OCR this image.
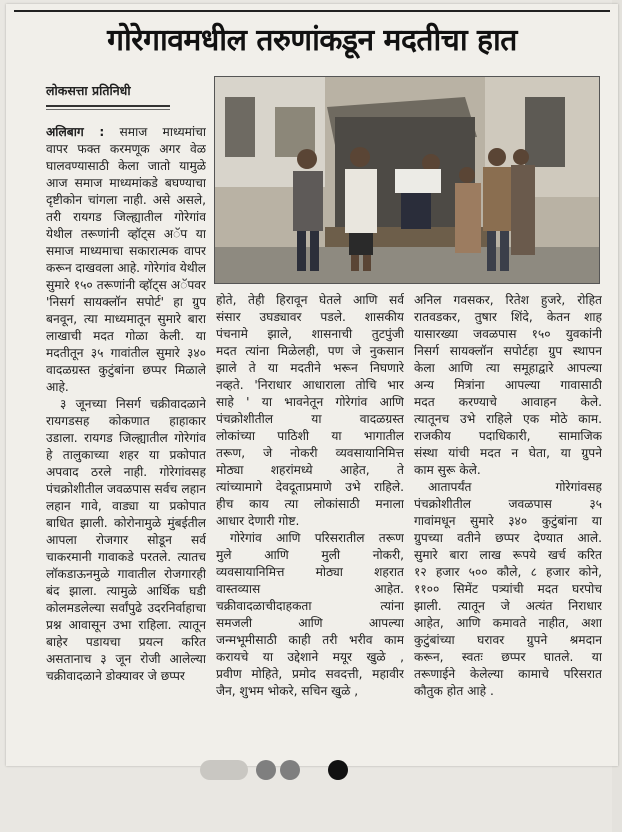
गोरेगावमधील तरुणांकडून मदतीचा हात
लोकसत्ता प्रतिनिधी
अलिबाग : समाज माध्यमांचा
वापर फक्त करमणूक अगर वेळ
घालवण्यासाठी केला जातो यामुळे
आज समाज माध्यमांकडे बघण्याचा
दृष्टीकोन चांगला नाही. असे असले,
तरी रायगड जिल्ह्यातील गोरेगांव
येथील तरूणांनी व्हॉट्स अॅप या
समाज माध्यमाचा सकारात्मक वापर
करून दाखवला आहे. गोरेगांव येथील
सुमारे १५० तरूणांनी व्हॉट्स अॅपवर
'निसर्ग सायक्लॉन सपोर्ट' हा ग्रुप
बनवून, त्या माध्यमातून सुमारे बारा
लाखाची मदत गोळा केली. या
मदतीतून ३५ गावांतील सुमारे ३४०
वादळग्रस्त कुटुंबांना छप्पर मिळाले
आहे.
३ जूनच्या निसर्ग चक्रीवादळाने
रायगडसह कोकणात हाहाकार
उडाला. रायगड जिल्ह्यातील गोरेगांव
हे तालुकाच्या शहर या प्रकोपात
अपवाद ठरले नाही. गोरेगांवसह
पंचक्रोशीतील जवळपास सर्वच लहान
लहान गावे, वाड्या या प्रकोपात
बाधित झाली. कोरोनामुळे मुंबईतील
आपला रोजगार सोडून सर्व
चाकरमानी गावाकडे परतले. त्यातच
लॉकडाऊनमुळे गावातील रोजगारही
बंद झाला. त्यामुळे आर्थिक घडी
कोलमडलेल्या सर्वांपुढे उदरनिर्वाहाचा
प्रश्न आवासून उभा राहिला. त्यातून
बाहेर पडायचा प्रयत्न करित
असतानाच ३ जून रोजी आलेल्या
चक्रीवादळाने डोक्यावर जे छप्पर
होते, तेही हिरावून घेतले आणि सर्व
संसार उघड्यावर पडले. शासकीय
पंचनामे झाले, शासनाची तुटपुंजी
मदत त्यांना मिळेलही, पण जे नुकसान
झाले ते या मदतीने भरून निघणारे
नव्हते. 'निराधार आधाराला तोचि भार
साहे ' या भावनेतून गोरेगांव आणि
पंचक्रोशीतील या वादळग्रस्त
लोकांच्या पाठिशी या भागातील
तरूण, जे नोकरी व्यवसायानिमित्त
मोठ्या शहरांमध्ये आहेत, ते
त्यांच्यामागे देवदूताप्रमाणे उभे राहिले.
हीच काय त्या लोकांसाठी मनाला
आधार देणारी गोष्ट.
गोरेगांव आणि परिसरातील तरूण
मुले आणि मुली नोकरी,
व्यवसायानिमित्त मोठ्या शहरात
वास्तव्यास आहेत.
चक्रीवादळाचीदाहकता त्यांना
समजली आणि आपल्या
जन्मभूमीसाठी काही तरी भरीव काम
करायचे या उद्देशाने मयूर खुळे ,
प्रवीण मोहिते, प्रमोद सवदत्ती, महावीर
जैन, शुभम भोकरे, सचिन खुळे ,
अनिल गवसकर, रितेश हुजरे, रोहित
रातवडकर, तुषार शिंदे, केतन शाह
यासारख्या जवळपास १५० युवकांनी
निसर्ग सायक्लॉन सपोर्टहा ग्रुप स्थापन
केला आणि त्या समूहाद्वारे आपल्या
अन्य मित्रांना आपल्या गावासाठी
मदत करण्याचे आवाहन केले.
त्यातूनच उभे राहिले एक मोठे काम.
राजकीय पदाधिकारी, सामाजिक
संस्था यांची मदत न घेता, या ग्रुपने
काम सुरू केले.
आतापर्यंत गोरेगांवसह
पंचक्रोशीतील जवळपास ३५
गावांमधून सुमारे ३४० कुटुंबांना या
ग्रुपच्या वतीने छप्पर देण्यात आले.
सुमारे बारा लाख रूपये खर्च करित
१२ हजार ५०० कौले, ८ हजार कोने,
११०० सिमेंट पत्र्यांची मदत घरपोच
झाली. त्यातून जे अत्यंत निराधार
आहेत, आणि कमावते नाहीत, अशा
कुटुंबांच्या घरावर ग्रुपने श्रमदान
करून, स्वतः छप्पर घातले. या
तरूणाईने केलेल्या कामाचे परिसरात
कौतुक होत आहे .
